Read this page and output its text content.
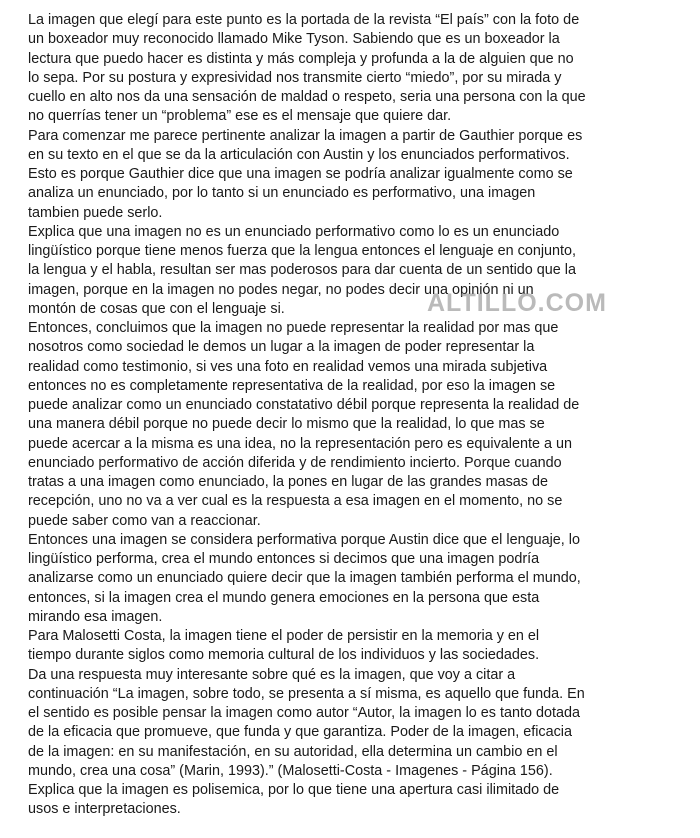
La imagen que elegí para este punto es la portada de la revista “El país” con la foto de
un boxeador muy reconocido llamado Mike Tyson. Sabiendo que es un boxeador la
lectura que puedo hacer es distinta y más compleja y profunda a la de alguien que no
lo sepa. Por su postura y expresividad nos transmite cierto “miedo”, por su mirada y
cuello en alto nos da una sensación de maldad o respeto, seria una persona con la que
no querrías tener un “problema” ese es el mensaje que quiere dar.

Para comenzar me parece pertinente analizar la imagen a partir de Gauthier porque es
en su texto en el que se da la articulación con Austin y los enunciados performativos.
Esto es porque Gauthier dice que una imagen se podría analizar igualmente como se
analiza un enunciado, por lo tanto si un enunciado es performativo, una imagen
tambien puede serlo.

Explica que una imagen no es un enunciado performativo como lo es un enunciado
lingüístico porque tiene menos fuerza que la lengua entonces el lenguaje en conjunto,
la lengua y el habla, resultan ser mas poderosos para dar cuenta de un sentido que la
imagen, porque en la imagen no podes negar, no podes decir una opinión ni un
montón de cosas que con el lenguaje si.

Entonces, concluimos que la imagen no puede representar la realidad por mas que
nosotros como sociedad le demos un lugar a la imagen de poder representar la
realidad como testimonio, si ves una foto en realidad vemos una mirada subjetiva
entonces no es completamente representativa de la realidad, por eso la imagen se
puede analizar como un enunciado constatativo débil porque representa la realidad de
una manera débil porque no puede decir lo mismo que la realidad, lo que mas se
puede acercar a la misma es una idea, no la representación pero es equivalente a un
enunciado performativo de acción diferida y de rendimiento incierto. Porque cuando
tratas a una imagen como enunciado, la pones en lugar de las grandes masas de
recepción, uno no va a ver cual es la respuesta a esa imagen en el momento, no se
puede saber como van a reaccionar.

Entonces una imagen se considera performativa porque Austin dice que el lenguaje, lo
lingüístico performa, crea el mundo entonces si decimos que una imagen podría
analizarse como un enunciado quiere decir que la imagen también performa el mundo,
entonces, si la imagen crea el mundo genera emociones en la persona que esta
mirando esa imagen.

Para Malosetti Costa, la imagen tiene el poder de persistir en la memoria y en el
tiempo durante siglos como memoria cultural de los individuos y las sociedades.

Da una respuesta muy interesante sobre qué es la imagen, que voy a citar a
continuación “La imagen, sobre todo, se presenta a sí misma, es aquello que funda. En
el sentido es posible pensar la imagen como autor “Autor, la imagen lo es tanto dotada
de la eficacia que promueve, que funda y que garantiza. Poder de la imagen, eficacia
de la imagen: en su manifestación, en su autoridad, ella determina un cambio en el
mundo, crea una cosa” (Marin, 1993).” (Malosetti-Costa - Imagenes - Página 156).

Explica que la imagen es polisemica, por lo que tiene una apertura casi ilimitado de
usos e interpretaciones.

ALTILLO.COM
